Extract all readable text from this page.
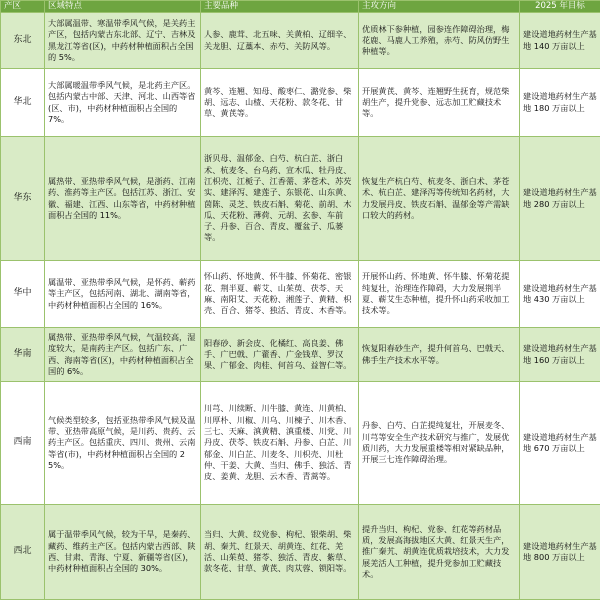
产区	区域特点	主要品种	主攻方向	2025 年目标
东北	大部属温带、寒温带季风气候，是关药主产区，包括内蒙古东北部、辽宁、吉林及黑龙江等省(区)，中药材种植面积占全国的 5%。	人参、鹿茸、北五味、关黄柏、辽细辛、关龙胆、辽藁本、赤芍、关防风等。	优质林下参种植，园参连作障碍治理，梅花鹿、马鹿人工养殖，赤芍、防风仿野生种植等。	建设道地药材生产基地 140 万亩以上
华北	大部属暖温带季风气候，是北药主产区。包括内蒙古中部、天津、河北、山西等省(区、市)，中药材种植面积占全国的 7%。	黄芩、连翘、知母、酸枣仁、潞党参、柴胡、远志、山楂、天花粉、款冬花、甘草、黄芪等。	开展黄芪、黄芩、连翘野生抚育，规范柴胡生产，提升党参、远志加工贮藏技术等。	建设道地药材生产基地 180 万亩以上
华东	属热带、亚热带季风气候，是浙药、江南药、淮药等主产区。包括江苏、浙江、安徽、福建、江西、山东等省，中药材种植面积占全国的 11%。	浙贝母、温郁金、白芍、杭白芷、浙白术、杭麦冬、台乌药、宣木瓜、牡丹皮、江枳壳、江栀子、江香薷、茅苍术、苏芡实、建泽泻、建莲子、东银花、山东黄、茵陈、灵芝、铁皮石斛、菊花、前胡、木瓜、天花粉、薄荷、元胡、玄参、车前子、丹参、百合、青皮、覆盆子、瓜蒌等。	恢复生产杭白芍、杭麦冬、浙白术、茅苍术、杭白芷、建泽泻等传统知名药材，大力发展丹皮、铁皮石斛、温郁金等产需缺口较大的药材。	建设道地药材生产基地 280 万亩以上
华中	属温带、亚热带季风气候，是怀药、蕲药等主产区，包括河南、湖北、湖南等省，中药材种植面积占全国的 16%。	怀山药、怀地黄、怀牛膝、怀菊花、密银花、荆半夏、蕲艾、山茱萸、茯苓、天麻、南阳艾、天花粉、湘莲子、黄精、枳壳、百合、猪苓、独活、青皮、木香等。	开展怀山药、怀地黄、怀牛膝、怀菊花提纯复壮，治理连作障碍，大力发展荆半夏、蕲艾生态种植，提升怀山药采收加工技术等。	建设道地药材生产基地 430 万亩以上
华南	属热带、亚热带季风气候，气温较高，湿度较大，是南药主产区。包括广东、广西、海南等省(区)，中药材种植面积占全国的 6%。	阳春砂、新会皮、化橘红、高良姜、佛手、广巴戟、广藿香、广金钱草、罗汉果、广郁金、肉桂、何首乌、益智仁等。	恢复阳春砂生产，提升何首乌、巴戟天、佛手生产技术水平等。	建设道地药材生产基地 160 万亩以上
西南	气候类型较多，包括亚热带季风气候及温带、亚热带高原气候，是川药、贵药、云药主产区。包括重庆、四川、贵州、云南等省(市)，中药材种植面积占全国的 25%。	川芎、川续断、川牛膝、黄连、川黄柏、川厚朴、川椒、川乌、川楝子、川木香、三七、天麻、滇黄精、滇重楼、川党、川丹皮、茯苓、铁皮石斛、丹参、白芷、川郁金、川白芷、川麦冬、川枳壳、川杜仲、干姜、大黄、当归、佛手、独活、青皮、姜黄、龙胆、云木香、青蒿等。	丹参、白芍、白芷提纯复壮，开展麦冬、川芎等安全生产技术研究与推广，发展优质川药，大力发展重楼等相对紧缺品种，开展三七连作障碍治理。	建设道地药材生产基地 670 万亩以上
西北	属于温带季风气候，较为干旱，是秦药、藏药、维药主产区。包括内蒙古西部、陕西、甘肃、青海、宁夏、新疆等省(区)，中药材种植面积占全国的 30%。	当归、大黄、纹党参、枸杞、银柴胡、柴胡、秦艽、红景天、胡黄连、红花、羌活、山茱萸、猪苓、独活、青皮、紫草、款冬花、甘草、黄芪、肉苁蓉、锁阳等。	提升当归、枸杞、党参、红花等药材品质，发展高海拔地区大黄、红景天生产，推广秦艽、胡黄连优质栽培技术，大力发展羌活人工种植，提升党参加工贮藏技术。	建设道地药材生产基地 800 万亩以上
